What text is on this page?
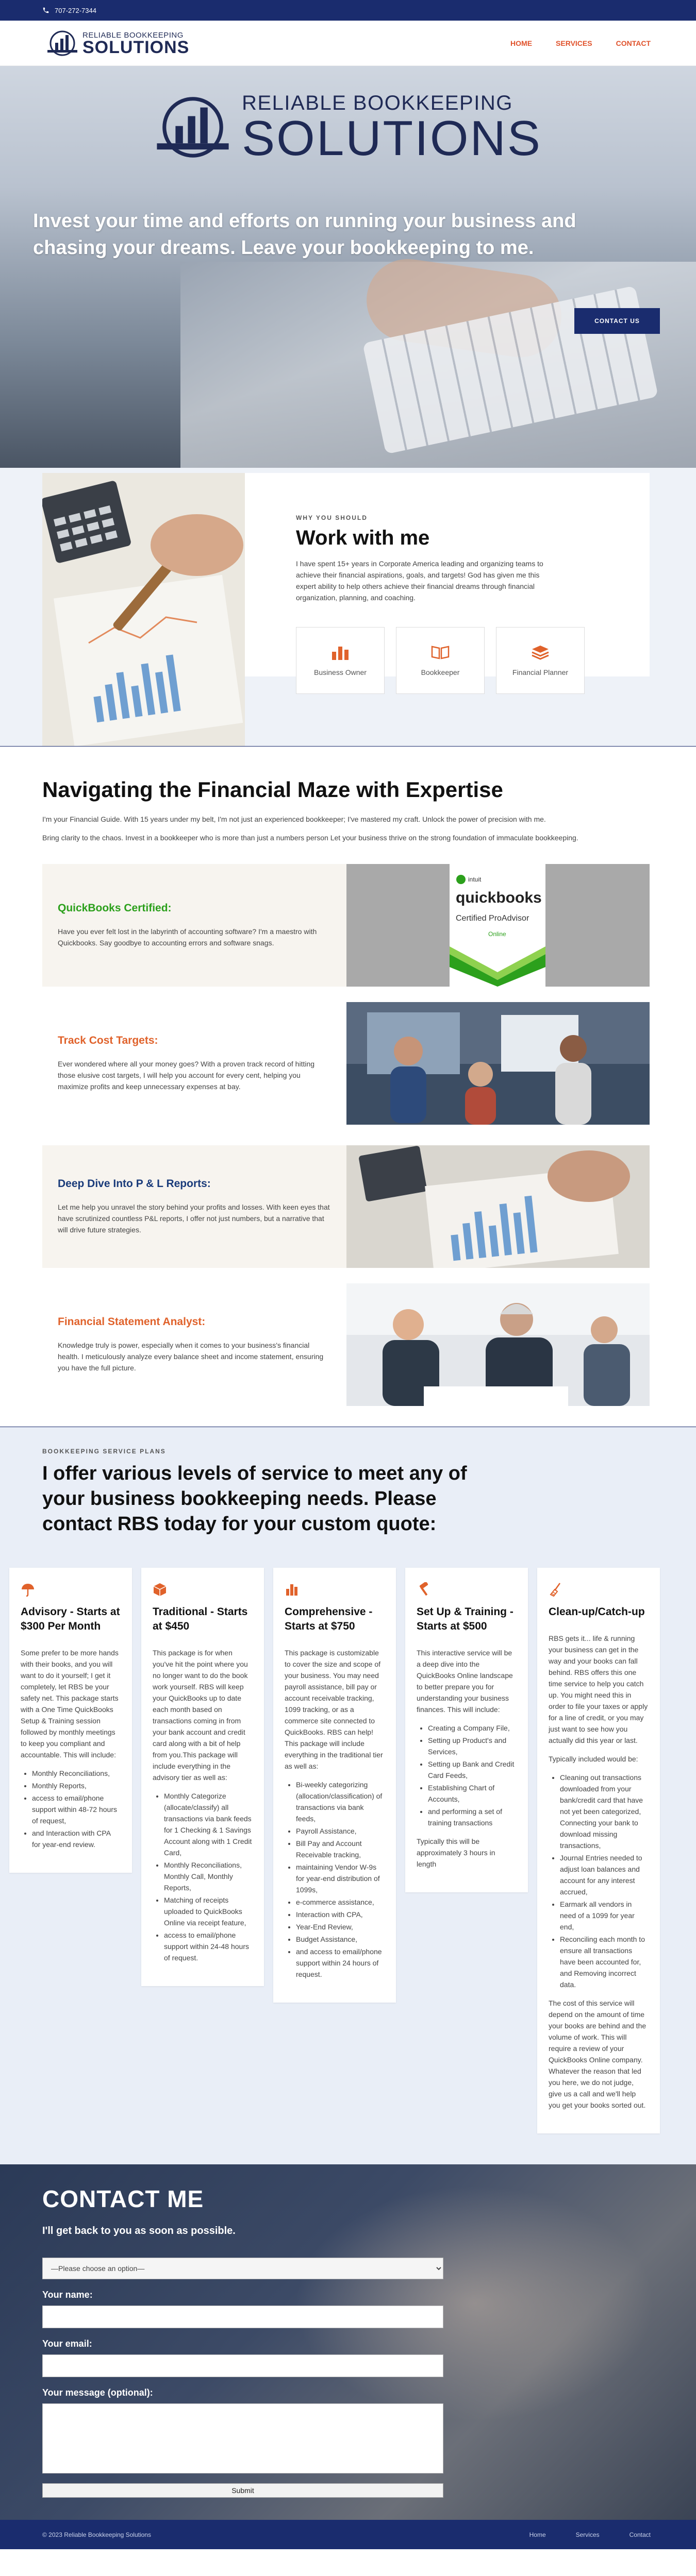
707-272-7344
RELIABLE BOOKKEEPING
SOLUTIONS	HOME	SERVICES	CONTACT
RELIABLE BOOKKEEPING
SOLUTIONS
Invest your time and efforts on running your business and chasing your dreams. Leave your bookkeeping to me.
CONTACT US
WHY YOU SHOULD
Work with me

I have spent 15+ years in Corporate America leading and organizing teams to achieve their financial aspirations, goals, and targets! God has given me this expert ability to help others achieve their financial dreams through financial organization, planning, and coaching.

Business Owner	Bookkeeper	Financial Planner
Navigating the Financial Maze with Expertise

I'm your Financial Guide. With 15 years under my belt, I'm not just an experienced bookkeeper; I've mastered my craft. Unlock the power of precision with me.

Bring clarity to the chaos. Invest in a bookkeeper who is more than just a numbers person Let your business thrive on the strong foundation of immaculate bookkeeping.

QuickBooks Certified:

Have you ever felt lost in the labyrinth of accounting software? I'm a maestro with Quickbooks. Say goodbye to accounting errors and software snags.

intuit
quickbooks
Certified ProAdvisor
Online
Track Cost Targets:

Ever wondered where all your money goes? With a proven track record of hitting those elusive cost targets, I will help you account for every cent, helping you maximize profits and keep unnecessary expenses at bay.

Deep Dive Into P & L Reports:

Let me help you unravel the story behind your profits and losses. With keen eyes that have scrutinized countless P&L reports, I offer not just numbers, but a narrative that will drive future strategies.

Financial Statement Analyst:

Knowledge truly is power, especially when it comes to your business's financial health. I meticulously analyze every balance sheet and income statement, ensuring you have the full picture.

BOOKKEEPING SERVICE PLANS
I offer various levels of service to meet any of your business bookkeeping needs. Please contact RBS today for your custom quote:
Advisory - Starts at $300 Per Month

Some prefer to be more hands with their books, and you will want to do it yourself; I get it completely, let RBS be your safety net. This package starts with a One Time QuickBooks Setup & Training session followed by monthly meetings to keep you compliant and accountable. This will include:

• Monthly Reconciliations,
• Monthly Reports,
• access to email/phone support within 48-72 hours of request,
• and Interaction with CPA for year-end review.
Traditional - Starts at $450

This package is for when you've hit the point where you no longer want to do the book work yourself. RBS will keep your QuickBooks up to date each month based on transactions coming in from your bank account and credit card along with a bit of help from you.This package will include everything in the advisory tier as well as:

• Monthly Categorize (allocate/classify) all transactions via bank feeds for 1 Checking & 1 Savings Account along with 1 Credit Card,
• Monthly Reconciliations, Monthly Call, Monthly Reports,
• Matching of receipts uploaded to QuickBooks Online via receipt feature,
• access to email/phone support within 24-48 hours of request.
Comprehensive - Starts at $750

This package is customizable to cover the size and scope of your business. You may need payroll assistance, bill pay or account receivable tracking, 1099 tracking, or as a commerce site connected to QuickBooks. RBS can help! This package will include everything in the traditional tier as well as:

• Bi-weekly categorizing (allocation/classification) of transactions via bank feeds,
• Payroll Assistance,
• Bill Pay and Account Receivable tracking,
• maintaining Vendor W-9s for year-end distribution of 1099s,
• e-commerce assistance,
• Interaction with CPA,
• Year-End Review,
• Budget Assistance,
• and access to email/phone support within 24 hours of request.
Set Up & Training - Starts at $500

This interactive service will be a deep dive into the QuickBooks Online landscape to better prepare you for understanding your business finances. This will include:

• Creating a Company File,
• Setting up Product's and Services,
• Setting up Bank and Credit Card Feeds,
• Establishing Chart of Accounts,
• and performing a set of training transactions

Typically this will be approximately 3 hours in length

Clean-up/Catch-up

RBS gets it... life & running your business can get in the way and your books can fall behind. RBS offers this one time service to help you catch up. You might need this in order to file your taxes or apply for a line of credit, or you may just want to see how you actually did this year or last.

Typically included would be:

• Cleaning out transactions downloaded from your bank/credit card that have not yet been categorized, Connecting your bank to download missing transactions,
• Journal Entries needed to adjust loan balances and account for any interest accrued,
• Earmark all vendors in need of a 1099 for year end,
• Reconciling each month to ensure all transactions have been accounted for, and Removing incorrect data.

The cost of this service will depend on the amount of time your books are behind and the volume of work. This will require a review of your QuickBooks Online company. Whatever the reason that led you here, we do not judge, give us a call and we'll help you get your books sorted out.

CONTACT ME
I'll get back to you as soon as possible.
—Please choose an option—
Your name:
Your email:
Your message (optional):
Submit
© 2023 Reliable Bookkeeping Solutions	Home	Services	Contact
